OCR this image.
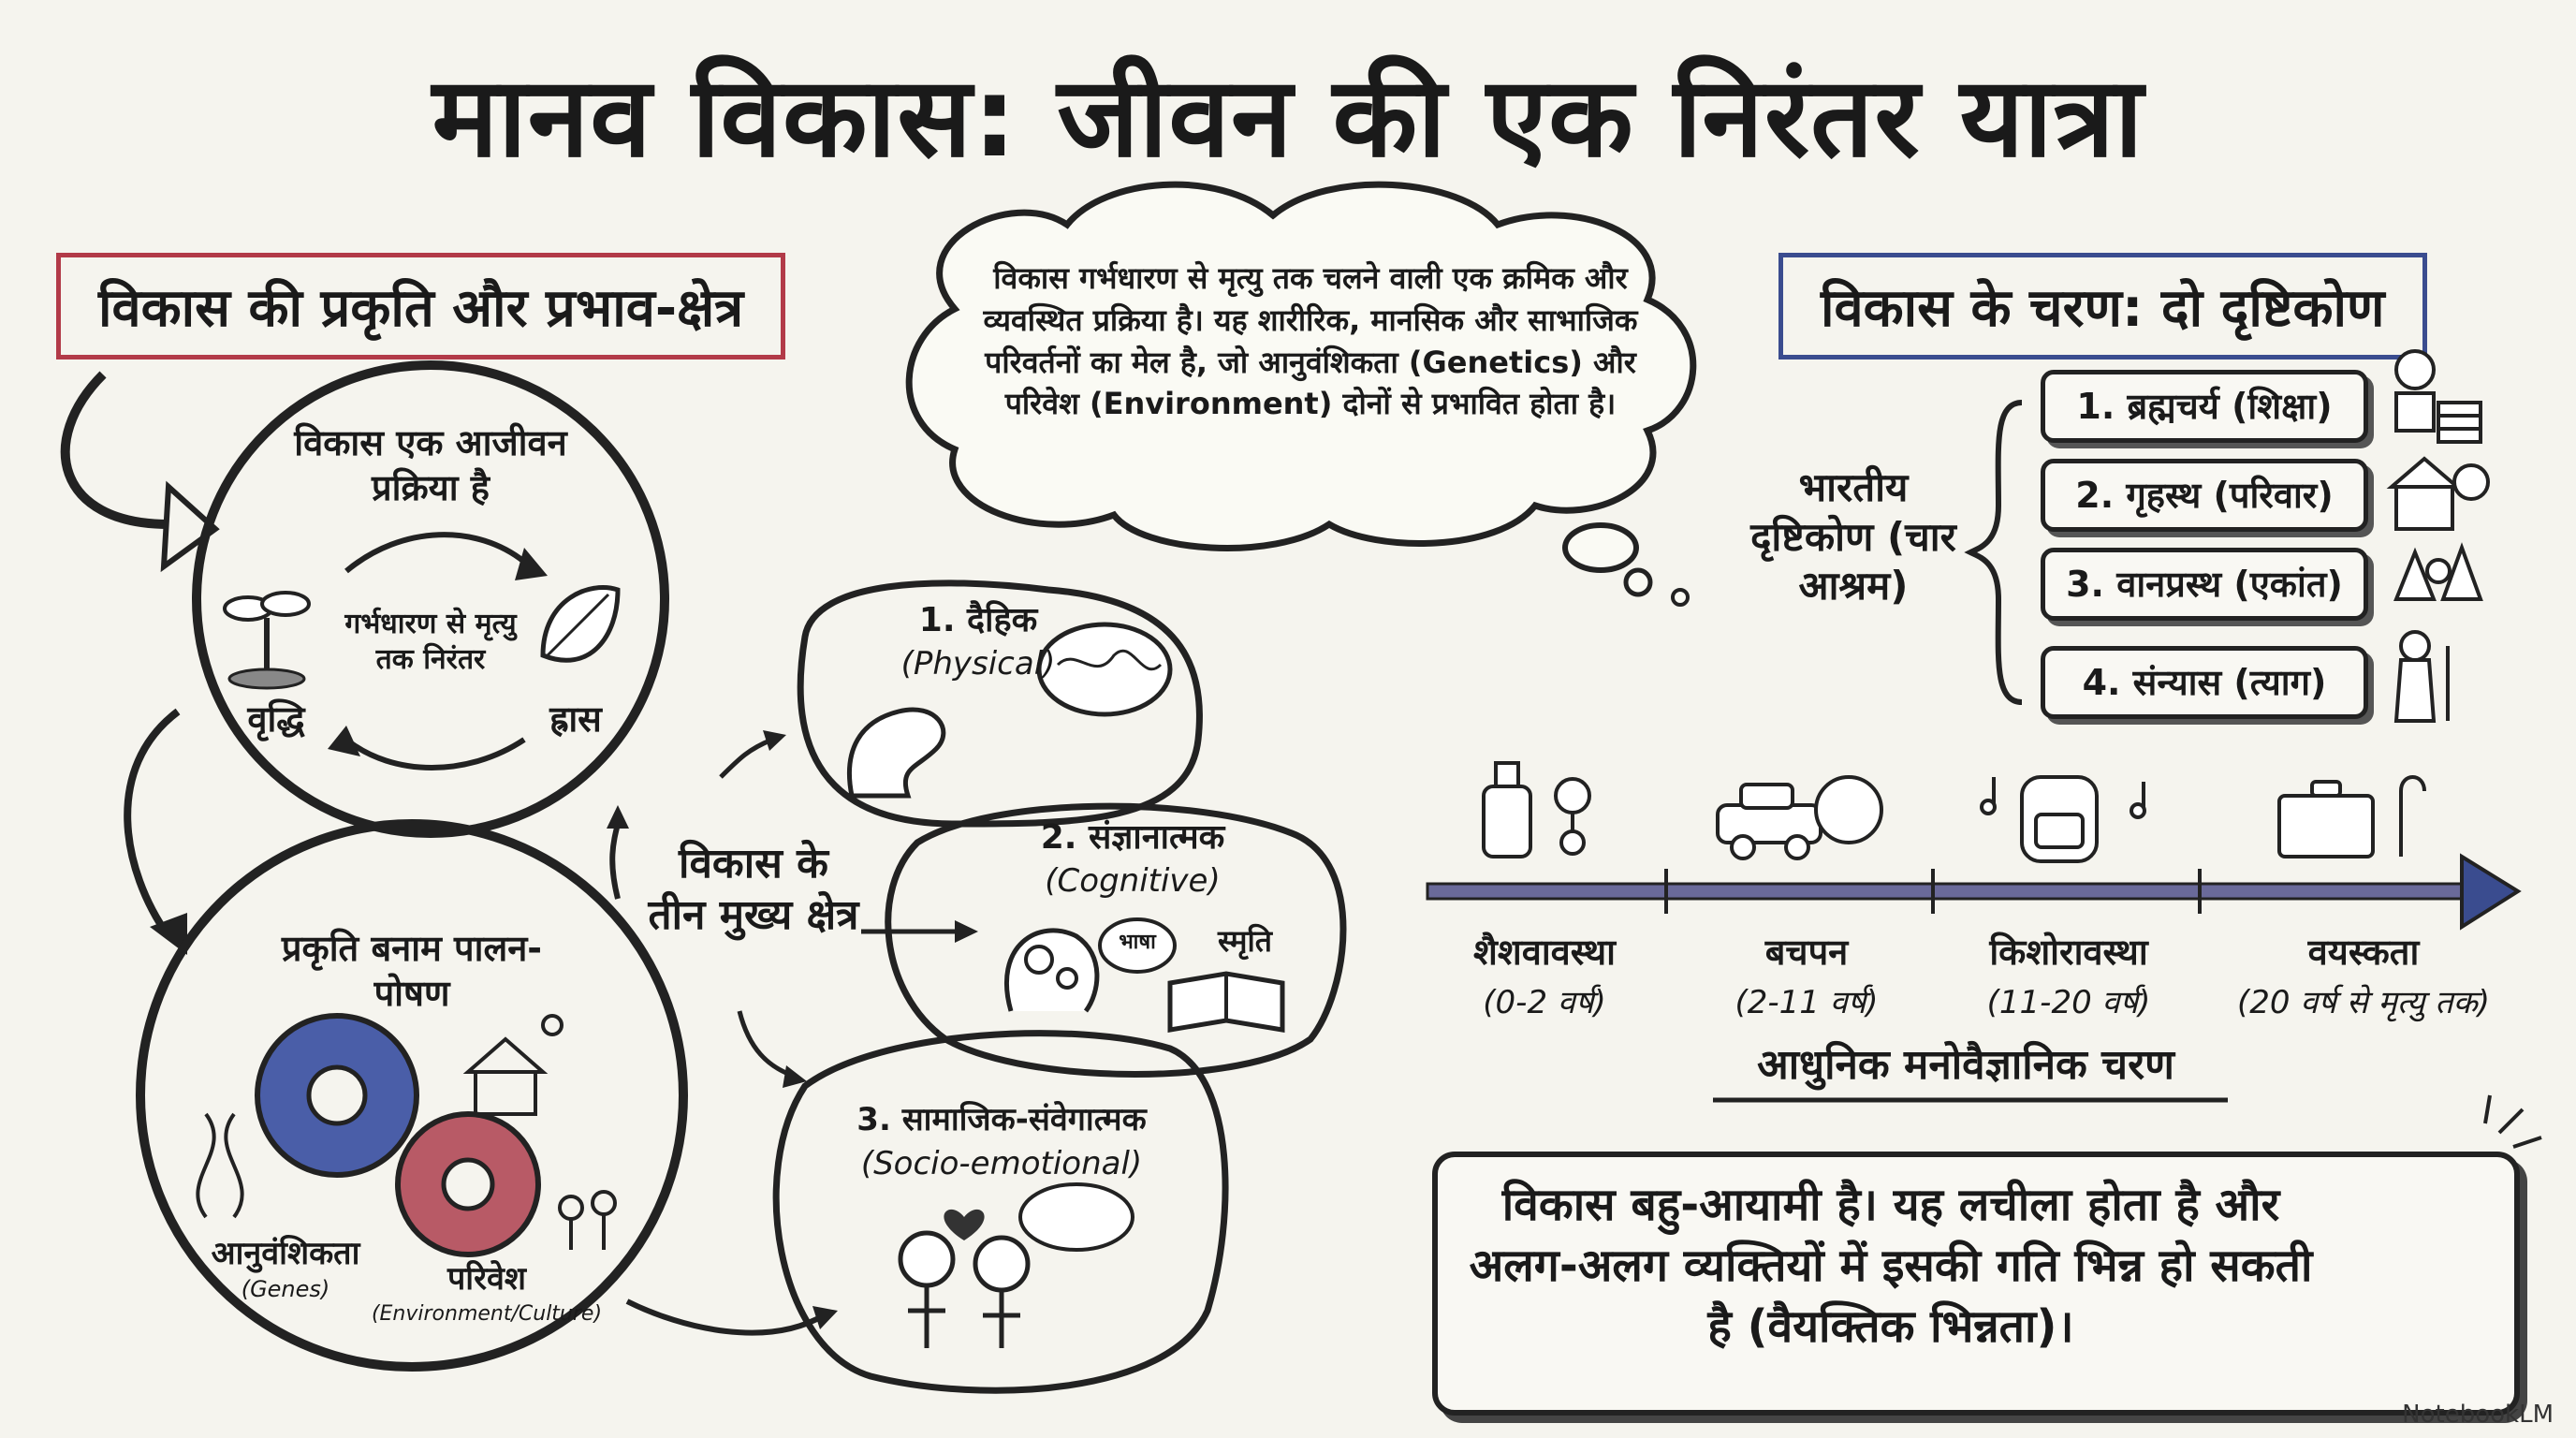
मानव विकास: जीवन की एक निरंतर यात्रा
विकास की प्रकृति और प्रभाव-क्षेत्र	विकास के चरण: दो दृष्टिकोण
विकास एक आजीवन प्रक्रिया है
गर्भधारण से मृत्यु तक निरंतर
वृद्धि	ह्रास
प्रकृति बनाम पालन-पोषण
आनुवंशिकता
(Genes)	परिवेश
(Environment/Culture)
विकास गर्भधारण से मृत्यु तक चलने वाली एक क्रमिक और व्यवस्थित प्रक्रिया है। यह शारीरिक, मानसिक और साभाजिक परिवर्तनों का मेल है, जो आनुवंशिकता (Genetics) और परिवेश (Environment) दोनों से प्रभावित होता है।
विकास के तीन मुख्य क्षेत्र
1. दैहिक
(Physical)
2. संज्ञानात्मक
(Cognitive)
भाषा	स्मृति
3. सामाजिक-संवेगात्मक
(Socio-emotional)
भारतीय दृष्टिकोण (चार आश्रम)
1. ब्रह्मचर्य (शिक्षा)
2. गृहस्थ (परिवार)
3. वानप्रस्थ (एकांत)
4. संन्यास (त्याग)
शैशवावस्था
(0-2 वर्ष)
बचपन
(2-11 वर्ष)
किशोरावस्था
(11-20 वर्ष)
वयस्कता
(20 वर्ष से मृत्यु तक)
आधुनिक मनोवैज्ञानिक चरण
विकास बहु-आयामी है। यह लचीला होता है और अलग-अलग व्यक्तियों में इसकी गति भिन्न हो सकती है (वैयक्तिक भिन्नता)।
NotebookLM
